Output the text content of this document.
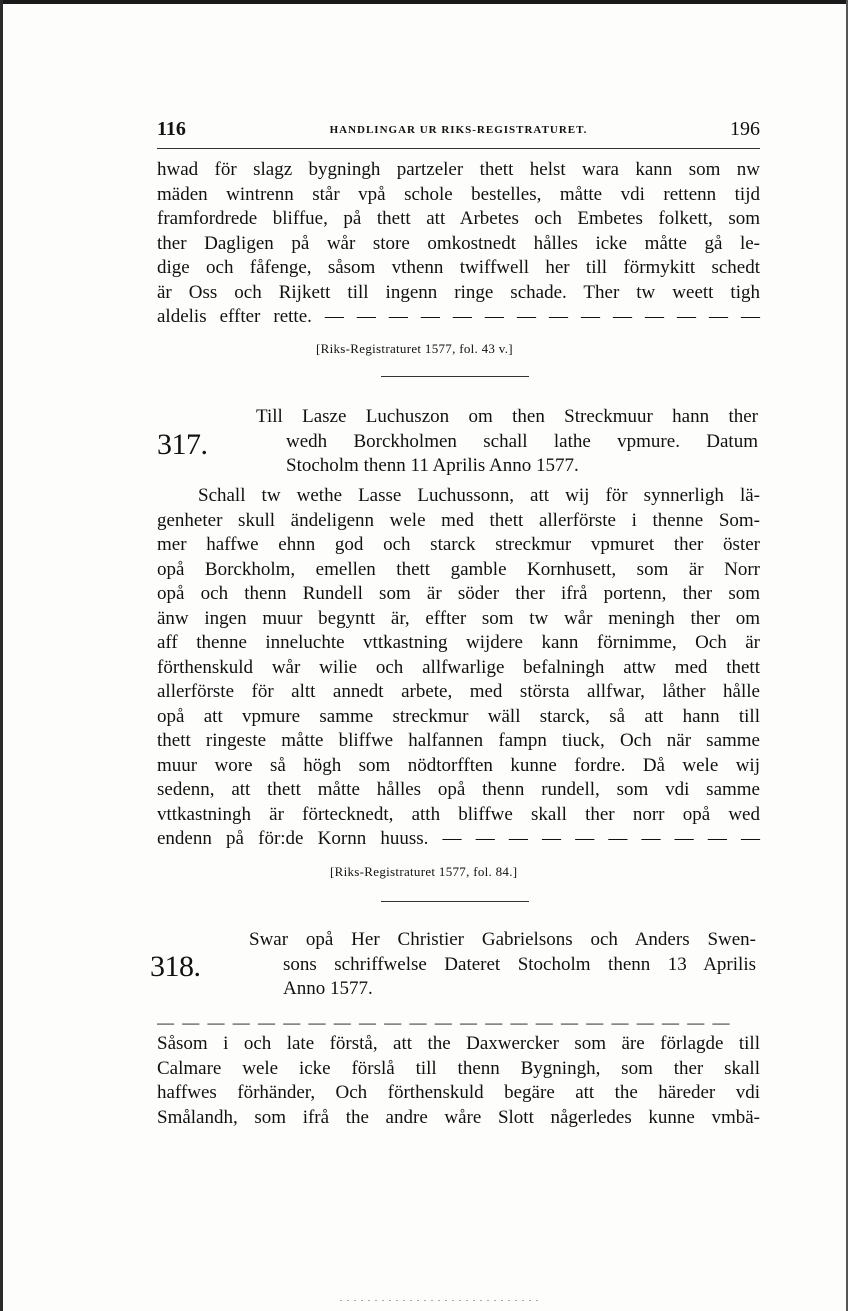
116	HANDLINGAR UR RIKS-REGISTRATURET.	196
hwad för slagz bygningh partzeler thett helst wara kann som nw
mäden wintrenn står vpå schole bestelles, måtte vdi rettenn tijd
framfordrede bliffue, på thett att Arbetes och Embetes folkett, som
ther Dagligen på wår store omkostnedt hålles icke måtte gå le-
dige och fåfenge, såsom vthenn twiffwell her till förmykitt schedt
är Oss och Rijkett till ingenn ringe schade. Ther tw weett tigh
aldelis effter rette. — — — — — — — — — — — — — —
[Riks-Registraturet 1577, fol. 43 v.]
317.
Till Lasze Luchuszon om then Streckmuur hann ther
wedh Borckholmen schall lathe vpmure. Datum
Stocholm thenn 11 Aprilis Anno 1577.
Schall tw wethe Lasse Luchussonn, att wij för synnerligh lä-
genheter skull ändeligenn wele med thett allerförste i thenne Som-
mer haffwe ehnn god och starck streckmur vpmuret ther öster
opå Borckholm, emellen thett gamble Kornhusett, som är Norr
opå och thenn Rundell som är söder ther ifrå portenn, ther som
änw ingen muur begyntt är, effter som tw wår meningh ther om
aff thenne inneluchte vttkastning wijdere kann förnimme, Och är
förthenskuld wår wilie och allfwarlige befalningh attw med thett
allerförste för altt annedt arbete, med största allfwar, låther hålle
opå att vpmure samme streckmur wäll starck, så att hann till
thett ringeste måtte bliffwe halfannen fampn tiuck, Och när samme
muur wore så högh som nödtorfften kunne fordre. Då wele wij
sedenn, att thett måtte hålles opå thenn rundell, som vdi samme
vttkastningh är förtecknedt, atth bliffwe skall ther norr opå wed
endenn på för:de Kornn huuss. — — — — — — — — — —
[Riks-Registraturet 1577, fol. 84.]
318.
Swar opå Her Christier Gabrielsons och Anders Swen-
sons schriffwelse Dateret Stocholm thenn 13 Aprilis
Anno 1577.
— — — — — — — — — — — — — — — — — — — — — — —
Såsom i och late förstå, att the Daxwercker som äre förlagde till
Calmare wele icke förslå till thenn Bygningh, som ther skall
haffwes förhänder, Och förthenskuld begäre att the häreder vdi
Smålandh, som ifrå the andre wåre Slott någerledes kunne vmbä-
